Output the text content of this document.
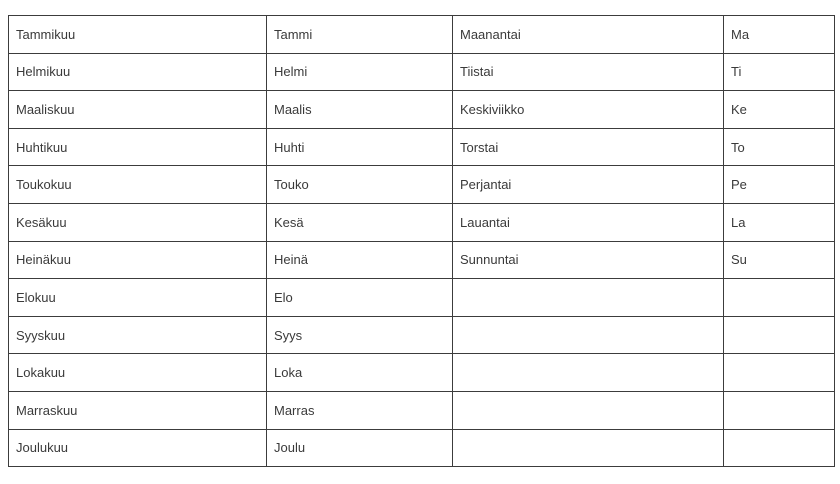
Tammikuu	Tammi	Maanantai	Ma
Helmikuu	Helmi	Tiistai	Ti
Maaliskuu	Maalis	Keskiviikko	Ke
Huhtikuu	Huhti	Torstai	To
Toukokuu	Touko	Perjantai	Pe
Kesäkuu	Kesä	Lauantai	La
Heinäkuu	Heinä	Sunnuntai	Su
Elokuu	Elo		
Syyskuu	Syys		
Lokakuu	Loka		
Marraskuu	Marras		
Joulukuu	Joulu		
